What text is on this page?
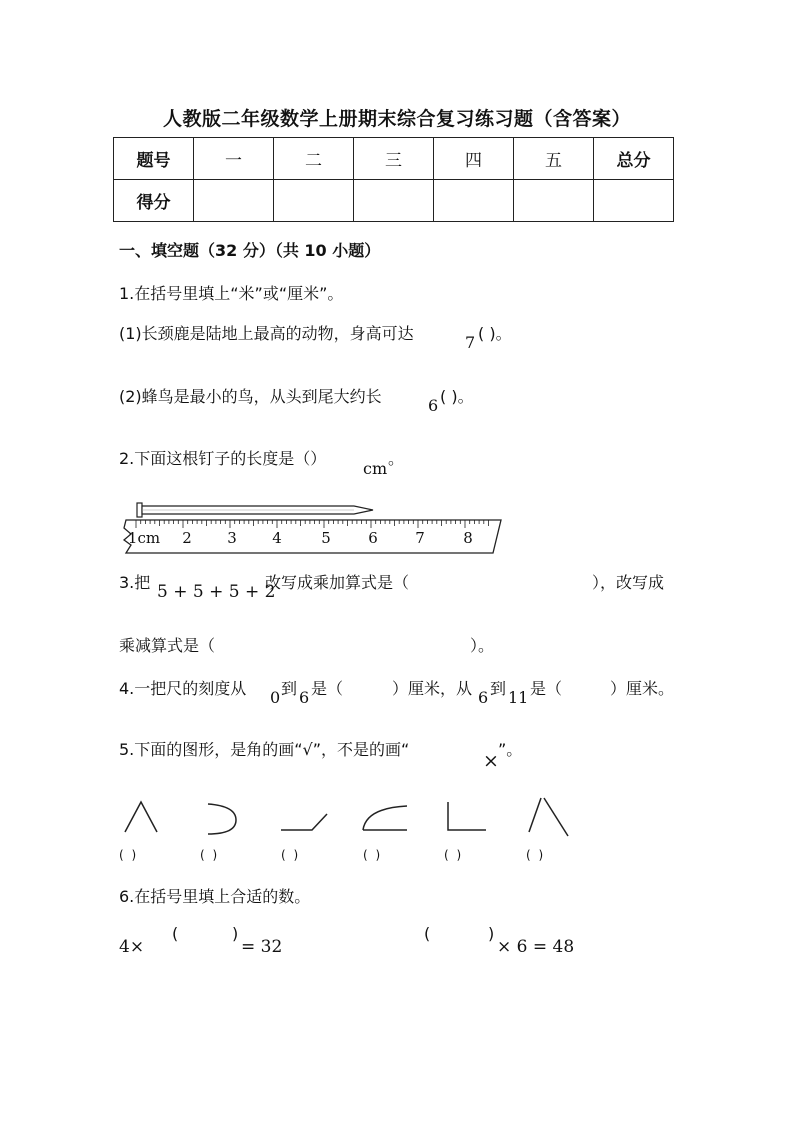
人教版二年级数学上册期末综合复习练习题（含答案）
题号	一	二	三	四	五	总分
得分						
一、填空题（32 分）（共 10 小题）
1.在括号里填上“米”或“厘米”。
(1)长颈鹿是陆地上最高的动物，身高可达	7 ( )。
(2)蜂鸟是最小的鸟，从头到尾大约长	6 ( )。
2.下面这根钉子的长度是（）
cm
。
1cm 2 3 4	5 6 7	8
3.把 5 + 5 + 5 + 2
改写成乘加算式是（	），改写成
乘减算式是（	）。
4.一把尺的刻度从 0 到 6 是（	）厘米，从 6 到 11 是（	）厘米。
5.下面的图形，是角的画“√”，不是的画“
×
”。
( )	( )	( )	( )	( )	( )
6.在括号里填上合适的数。
4×
(	)
= 32
(	)
× 6 = 48
